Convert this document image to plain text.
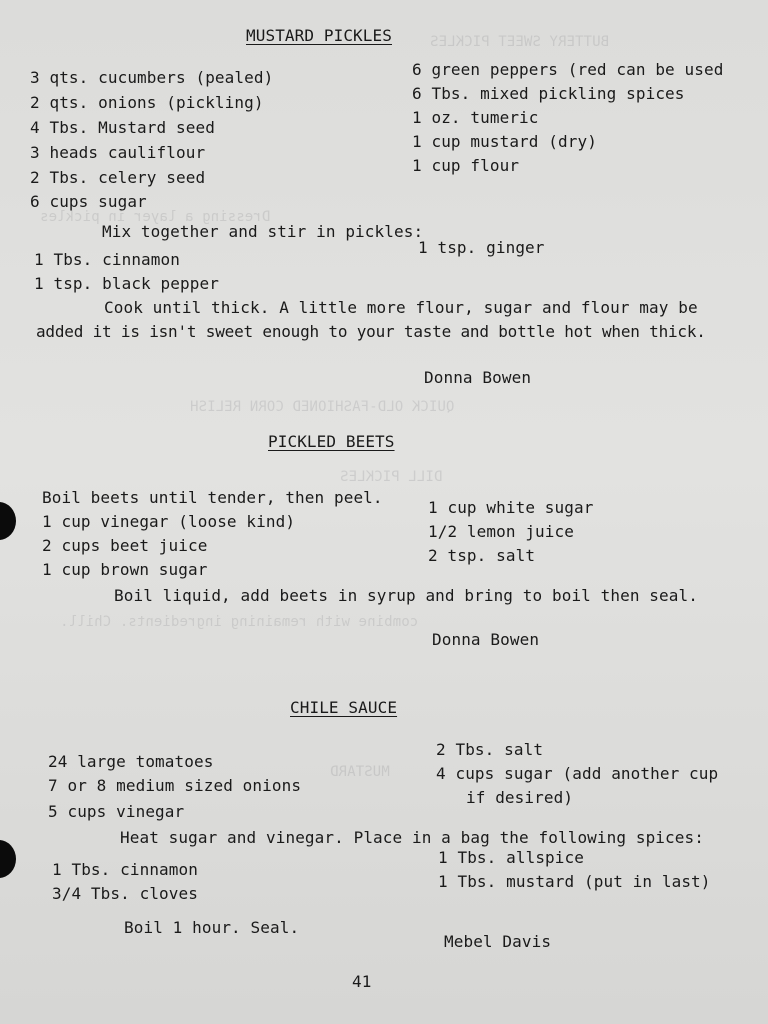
BUTTERY SWEET PICKLES
Dressing a layer in pickles
QUICK OLD-FASHIONED CORN RELISH
DILL PICKLES
combine with remaining ingredients. Chill.
MUSTARD
MUSTARD PICKLES
3 qts. cucumbers (pealed)
2 qts. onions (pickling)
4 Tbs. Mustard seed
3 heads cauliflour
2 Tbs. celery seed
6 cups sugar
6 green peppers (red can be used
6 Tbs. mixed pickling spices
1 oz. tumeric
1 cup mustard (dry)
1 cup flour
Mix together and stir in pickles:
1 Tbs. cinnamon
1 tsp. black pepper
1 tsp. ginger
Cook until thick. A little more flour, sugar and flour may be
added it is isn't sweet enough to your taste and bottle hot when thick.
Donna Bowen
PICKLED BEETS
Boil beets until tender, then peel.
1 cup vinegar (loose kind)
2 cups beet juice
1 cup brown sugar
1 cup white sugar
1/2 lemon juice
2 tsp. salt
Boil liquid, add beets in syrup and bring to boil then seal.
Donna Bowen
CHILE SAUCE
24 large tomatoes
7 or 8 medium sized onions
5 cups vinegar
2 Tbs. salt
4 cups sugar (add another cup
if desired)
Heat sugar and vinegar. Place in a bag the following spices:
1 Tbs. cinnamon
3/4 Tbs. cloves
1 Tbs. allspice
1 Tbs. mustard (put in last)
Boil 1 hour. Seal.
Mebel Davis
41
